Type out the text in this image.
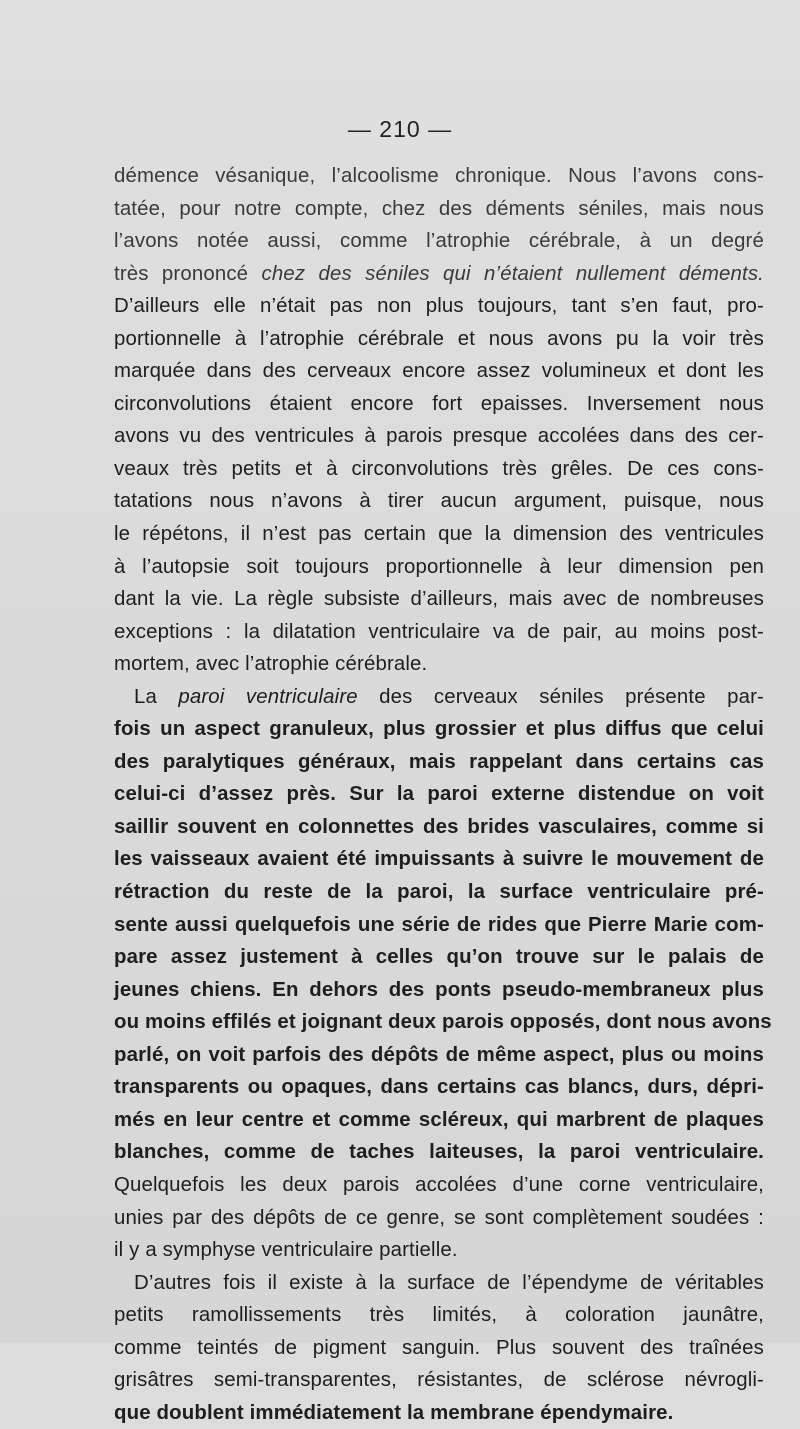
— 210 —
démence vésanique, l’alcoolisme chronique. Nous l’avons cons-
tatée, pour notre compte, chez des déments séniles, mais nous
l’avons notée aussi, comme l’atrophie cérébrale, à un degré
très prononcé chez des séniles qui n’étaient nullement déments.
D’ailleurs elle n’était pas non plus toujours, tant s’en faut, pro-
portionnelle à l’atrophie cérébrale et nous avons pu la voir très
marquée dans des cerveaux encore assez volumineux et dont les
circonvolutions étaient encore fort epaisses. Inversement nous
avons vu des ventricules à parois presque accolées dans des cer-
veaux très petits et à circonvolutions très grêles. De ces cons-
tatations nous n’avons à tirer aucun argument, puisque, nous
le répétons, il n’est pas certain que la dimension des ventricules
à l’autopsie soit toujours proportionnelle à leur dimension pen
dant la vie. La règle subsiste d’ailleurs, mais avec de nombreuses
exceptions : la dilatation ventriculaire va de pair, au moins post-
mortem, avec l’atrophie cérébrale.
La paroi ventriculaire des cerveaux séniles présente par-
fois un aspect granuleux, plus grossier et plus diffus que celui
des paralytiques généraux, mais rappelant dans certains cas
celui-ci d’assez près. Sur la paroi externe distendue on voit
saillir souvent en colonnettes des brides vasculaires, comme si
les vaisseaux avaient été impuissants à suivre le mouvement de
rétraction du reste de la paroi, la surface ventriculaire pré-
sente aussi quelquefois une série de rides que Pierre Marie com-
pare assez justement à celles qu’on trouve sur le palais de
jeunes chiens. En dehors des ponts pseudo-membraneux plus
ou moins effilés et joignant deux parois opposés, dont nous avons
parlé, on voit parfois des dépôts de même aspect, plus ou moins
transparents ou opaques, dans certains cas blancs, durs, dépri-
més en leur centre et comme scléreux, qui marbrent de plaques
blanches, comme de taches laiteuses, la paroi ventriculaire.
Quelquefois les deux parois accolées d’une corne ventriculaire,
unies par des dépôts de ce genre, se sont complètement soudées :
il y a symphyse ventriculaire partielle.
D’autres fois il existe à la surface de l’épendyme de véritables
petits ramollissements très limités, à coloration jaunâtre,
comme teintés de pigment sanguin. Plus souvent des traînées
grisâtres semi-transparentes, résistantes, de sclérose névrogli-
que doublent immédiatement la membrane épendymaire.
